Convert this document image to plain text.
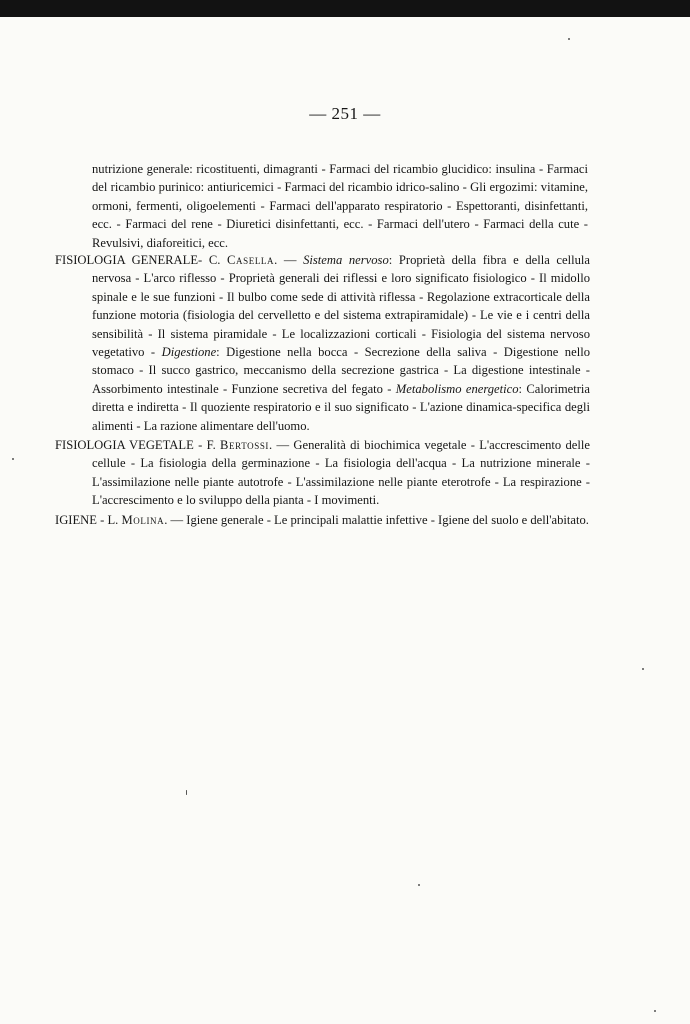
— 251 —

nutrizione generale: ricostituenti, dimagranti - Farmaci del ricambio glucidico: insulina - Farmaci del ricambio purinico: antiuricemici - Farmaci del ricambio idrico-salino - Gli ergozimi: vitamine, ormoni, fermenti, oligoelementi - Farmaci dell'apparato respiratorio - Espettoranti, disinfettanti, ecc. - Farmaci del rene - Diuretici disinfettanti, ecc. - Farmaci dell'utero - Farmaci della cute - Revulsivi, diaforeitici, ecc.

FISIOLOGIA GENERALE- C. Casella. — Sistema nervoso: Proprietà della fibra e della cellula nervosa - L'arco riflesso - Proprietà generali dei riflessi e loro significato fisiologico - Il midollo spinale e le sue funzioni - Il bulbo come sede di attività riflessa - Regolazione extracorticale della funzione motoria (fisiologia del cervelletto e del sistema extrapiramidale) - Le vie e i centri della sensibilità - Il sistema piramidale - Le localizzazioni corticali - Fisiologia del sistema nervoso vegetativo - Digestione: Digestione nella bocca - Secrezione della saliva - Digestione nello stomaco - Il succo gastrico, meccanismo della secrezione gastrica - La digestione intestinale - Assorbimento intestinale - Funzione secretiva del fegato - Metabolismo energetico: Calorimetria diretta e indiretta - Il quoziente respiratorio e il suo significato - L'azione dinamica-specifica degli alimenti - La razione alimentare dell'uomo.

FISIOLOGIA VEGETALE - F. Bertossi. — Generalità di biochimica vegetale - L'accrescimento delle cellule - La fisiologia della germinazione - La fisiologia dell'acqua - La nutrizione minerale - L'assimilazione nelle piante autotrofe - L'assimilazione nelle piante eterotrofe - La respirazione - L'accrescimento e lo sviluppo della pianta - I movimenti.

IGIENE - L. Molina. — Igiene generale - Le principali malattie infettive - Igiene del suolo e dell'abitato.
